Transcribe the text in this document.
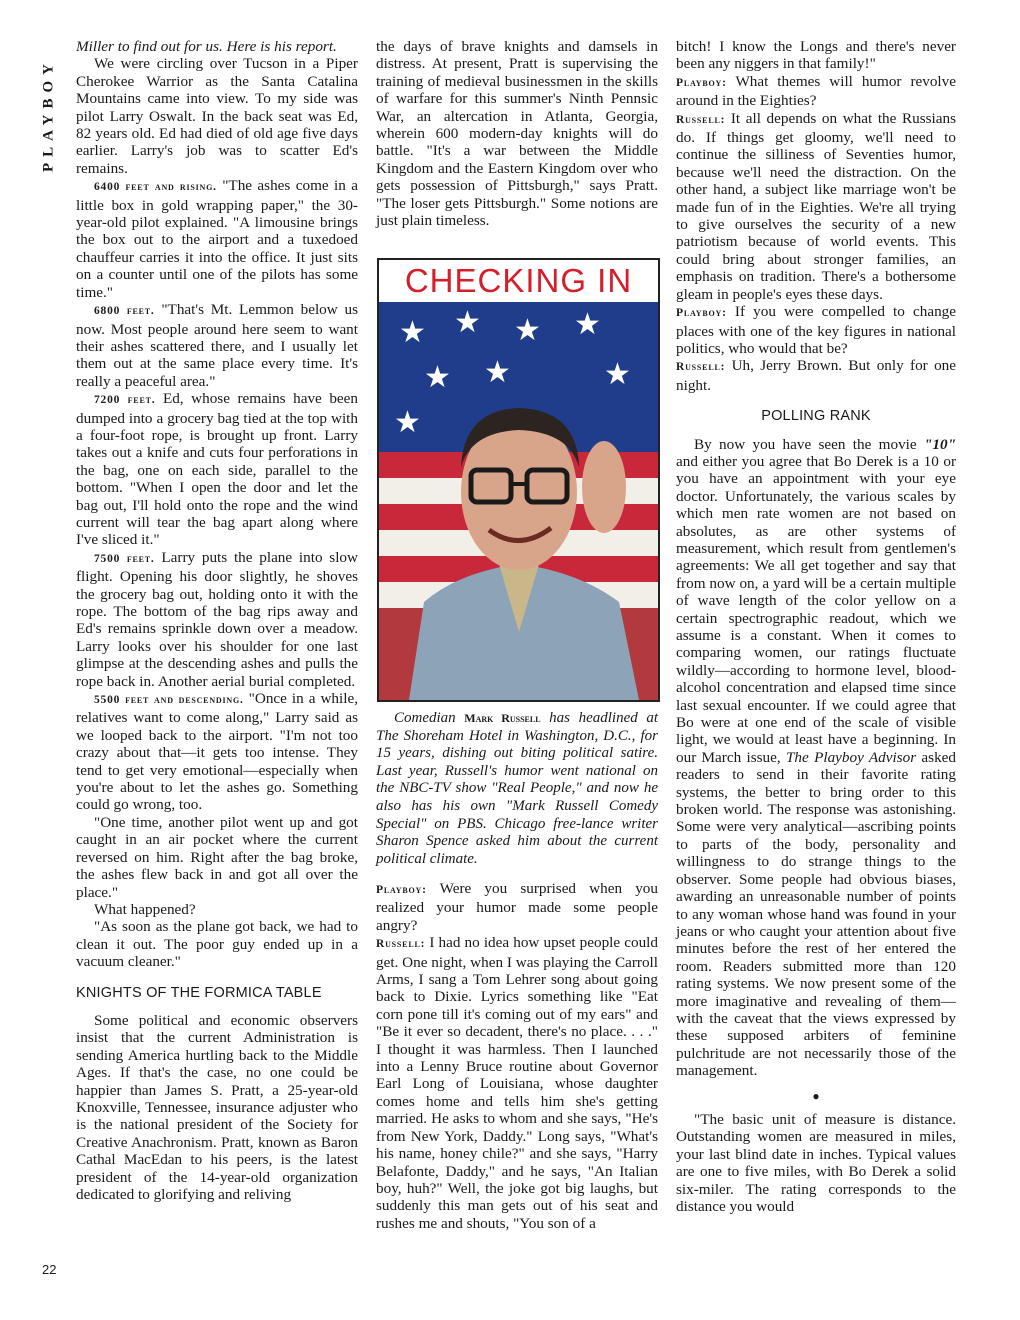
PLAYBOY
22

Miller to find out for us. Here is his report.

We were circling over Tucson in a Piper Cherokee Warrior as the Santa Catalina Mountains came into view. To my side was pilot Larry Oswalt. In the back seat was Ed, 82 years old. Ed had died of old age five days earlier. Larry's job was to scatter Ed's remains.

6400 feet and rising. "The ashes come in a little box in gold wrapping paper," the 30-year-old pilot explained. "A limousine brings the box out to the airport and a tuxedoed chauffeur carries it into the office. It just sits on a counter until one of the pilots has some time."

6800 feet. "That's Mt. Lemmon below us now. Most people around here seem to want their ashes scattered there, and I usually let them out at the same place every time. It's really a peaceful area."

7200 feet. Ed, whose remains have been dumped into a grocery bag tied at the top with a four-foot rope, is brought up front. Larry takes out a knife and cuts four perforations in the bag, one on each side, parallel to the bottom. "When I open the door and let the bag out, I'll hold onto the rope and the wind current will tear the bag apart along where I've sliced it."

7500 feet. Larry puts the plane into slow flight. Opening his door slightly, he shoves the grocery bag out, holding onto it with the rope. The bottom of the bag rips away and Ed's remains sprinkle down over a meadow. Larry looks over his shoulder for one last glimpse at the descending ashes and pulls the rope back in. Another aerial burial completed.

5500 feet and descending. "Once in a while, relatives want to come along," Larry said as we looped back to the airport. "I'm not too crazy about that—it gets too intense. They tend to get very emotional—especially when you're about to let the ashes go. Something could go wrong, too.

"One time, another pilot went up and got caught in an air pocket where the current reversed on him. Right after the bag broke, the ashes flew back in and got all over the place."

What happened?

"As soon as the plane got back, we had to clean it out. The poor guy ended up in a vacuum cleaner."

KNIGHTS OF THE FORMICA TABLE

Some political and economic observers insist that the current Administration is sending America hurtling back to the Middle Ages. If that's the case, no one could be happier than James S. Pratt, a 25-year-old Knoxville, Tennessee, insurance adjuster who is the national president of the Society for Creative Anachronism. Pratt, known as Baron Cathal MacEdan to his peers, is the latest president of the 14-year-old organization dedicated to glorifying and reliving

the days of brave knights and damsels in distress. At present, Pratt is supervising the training of medieval businessmen in the skills of warfare for this summer's Ninth Pennsic War, an altercation in Atlanta, Georgia, wherein 600 modern-day knights will do battle. "It's a war between the Middle Kingdom and the Eastern Kingdom over who gets possession of Pittsburgh," says Pratt. "The loser gets Pittsburgh." Some notions are just plain timeless.

CHECKING IN
★ ★ ★ ★
★ ★	★
★

Comedian Mark Russell has headlined at The Shoreham Hotel in Washington, D.C., for 15 years, dishing out biting political satire. Last year, Russell's humor went national on the NBC-TV show "Real People," and now he also has his own "Mark Russell Comedy Special" on PBS. Chicago free-lance writer Sharon Spence asked him about the current political climate.

Playboy: Were you surprised when you realized your humor made some people angry?

Russell: I had no idea how upset people could get. One night, when I was playing the Carroll Arms, I sang a Tom Lehrer song about going back to Dixie. Lyrics something like "Eat corn pone till it's coming out of my ears" and "Be it ever so decadent, there's no place. . . ." I thought it was harmless. Then I launched into a Lenny Bruce routine about Governor Earl Long of Louisiana, whose daughter comes home and tells him she's getting married. He asks to whom and she says, "He's from New York, Daddy." Long says, "What's his name, honey chile?" and she says, "Harry Belafonte, Daddy," and he says, "An Italian boy, huh?" Well, the joke got big laughs, but suddenly this man gets out of his seat and rushes me and shouts, "You son of a

bitch! I know the Longs and there's never been any niggers in that family!"

Playboy: What themes will humor revolve around in the Eighties?

Russell: It all depends on what the Russians do. If things get gloomy, we'll need to continue the silliness of Seventies humor, because we'll need the distraction. On the other hand, a subject like marriage won't be made fun of in the Eighties. We're all trying to give ourselves the security of a new patriotism because of world events. This could bring about stronger families, an emphasis on tradition. There's a bothersome gleam in people's eyes these days.

Playboy: If you were compelled to change places with one of the key figures in national politics, who would that be?

Russell: Uh, Jerry Brown. But only for one night.

POLLING RANK

By now you have seen the movie "10" and either you agree that Bo Derek is a 10 or you have an appointment with your eye doctor. Unfortunately, the various scales by which men rate women are not based on absolutes, as are other systems of measurement, which result from gentlemen's agreements: We all get together and say that from now on, a yard will be a certain multiple of wave length of the color yellow on a certain spectrographic readout, which we assume is a constant. When it comes to comparing women, our ratings fluctuate wildly—according to hormone level, blood-alcohol concentration and elapsed time since last sexual encounter. If we could agree that Bo were at one end of the scale of visible light, we would at least have a beginning. In our March issue, The Playboy Advisor asked readers to send in their favorite rating systems, the better to bring order to this broken world. The response was astonishing. Some were very analytical—ascribing points to parts of the body, personality and willingness to do strange things to the observer. Some people had obvious biases, awarding an unreasonable number of points to any woman whose hand was found in your jeans or who caught your attention about five minutes before the rest of her entered the room. Readers submitted more than 120 rating systems. We now present some of the more imaginative and revealing of them—with the caveat that the views expressed by these supposed arbiters of feminine pulchritude are not necessarily those of the management.

●

"The basic unit of measure is distance. Outstanding women are measured in miles, your last blind date in inches. Typical values are one to five miles, with Bo Derek a solid six-miler. The rating corresponds to the distance you would
